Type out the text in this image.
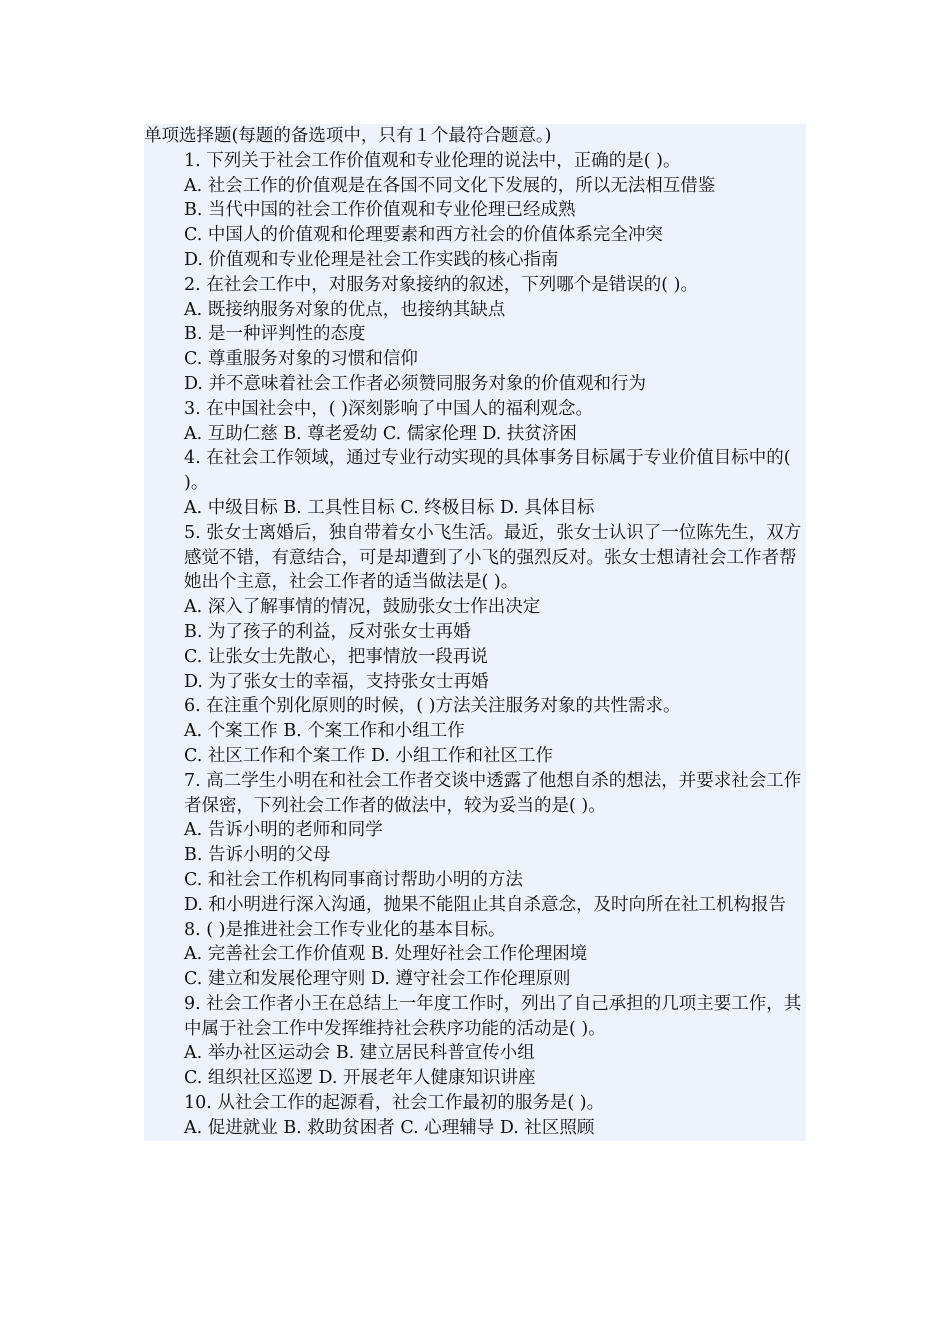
单项选择题(每题的备选项中，只有１个最符合题意。)
1. 下列关于社会工作价值观和专业伦理的说法中，正确的是( )。
A. 社会工作的价值观是在各国不同文化下发展的，所以无法相互借鉴
B. 当代中国的社会工作价值观和专业伦理已经成熟
C. 中国人的价值观和伦理要素和西方社会的价值体系完全冲突
D. 价值观和专业伦理是社会工作实践的核心指南
2. 在社会工作中，对服务对象接纳的叙述，下列哪个是错误的( )。
A. 既接纳服务对象的优点，也接纳其缺点
B. 是一种评判性的态度
C. 尊重服务对象的习惯和信仰
D. 并不意味着社会工作者必须赞同服务对象的价值观和行为
3. 在中国社会中，( )深刻影响了中国人的福利观念。
A. 互助仁慈 B. 尊老爱幼 C. 儒家伦理 D. 扶贫济困
4. 在社会工作领域，通过专业行动实现的具体事务目标属于专业价值目标中的( )。
A. 中级目标 B. 工具性目标 C. 终极目标 D. 具体目标
5. 张女士离婚后，独自带着女小飞生活。最近，张女士认识了一位陈先生，双方感觉不错，有意结合，可是却遭到了小飞的强烈反对。张女士想请社会工作者帮她出个主意，社会工作者的适当做法是( )。
A. 深入了解事情的情况，鼓励张女士作出决定
B. 为了孩子的利益，反对张女士再婚
C. 让张女士先散心，把事情放一段再说
D. 为了张女士的幸福，支持张女士再婚
6. 在注重个别化原则的时候，( )方法关注服务对象的共性需求。
A. 个案工作 B. 个案工作和小组工作
C. 社区工作和个案工作 D. 小组工作和社区工作
7. 高二学生小明在和社会工作者交谈中透露了他想自杀的想法，并要求社会工作者保密，下列社会工作者的做法中，较为妥当的是( )。
A. 告诉小明的老师和同学
B. 告诉小明的父母
C. 和社会工作机构同事商讨帮助小明的方法
D. 和小明进行深入沟通，抛果不能阻止其自杀意念，及时向所在社工机构报告
8. ( )是推进社会工作专业化的基本目标。
A. 完善社会工作价值观 B. 处理好社会工作伦理困境
C. 建立和发展伦理守则 D. 遵守社会工作伦理原则
9. 社会工作者小王在总结上一年度工作时，列出了自己承担的几项主要工作，其中属于社会工作中发挥维持社会秩序功能的活动是( )。
A. 举办社区运动会 B. 建立居民科普宣传小组
C. 组织社区巡逻 D. 开展老年人健康知识讲座
10. 从社会工作的起源看，社会工作最初的服务是( )。
A. 促进就业 B. 救助贫困者 C. 心理辅导 D. 社区照顾
